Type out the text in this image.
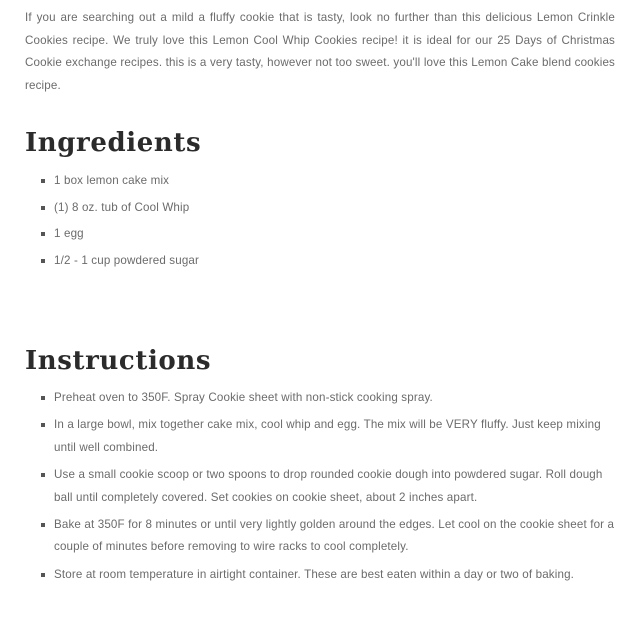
If you are searching out a mild a fluffy cookie that is tasty, look no further than this delicious Lemon Crinkle Cookies recipe. We truly love this Lemon Cool Whip Cookies recipe! it is ideal for our 25 Days of Christmas Cookie exchange recipes. this is a very tasty, however not too sweet. you'll love this Lemon Cake blend cookies recipe.

Ingredients
1 box lemon cake mix
(1) 8 oz. tub of Cool Whip
1 egg
1/2 - 1 cup powdered sugar
Instructions
Preheat oven to 350F. Spray Cookie sheet with non-stick cooking spray.
In a large bowl, mix together cake mix, cool whip and egg. The mix will be VERY fluffy. Just keep mixing until well combined.
Use a small cookie scoop or two spoons to drop rounded cookie dough into powdered sugar. Roll dough ball until completely covered. Set cookies on cookie sheet, about 2 inches apart.
Bake at 350F for 8 minutes or until very lightly golden around the edges. Let cool on the cookie sheet for a couple of minutes before removing to wire racks to cool completely.
Store at room temperature in airtight container. These are best eaten within a day or two of baking.
